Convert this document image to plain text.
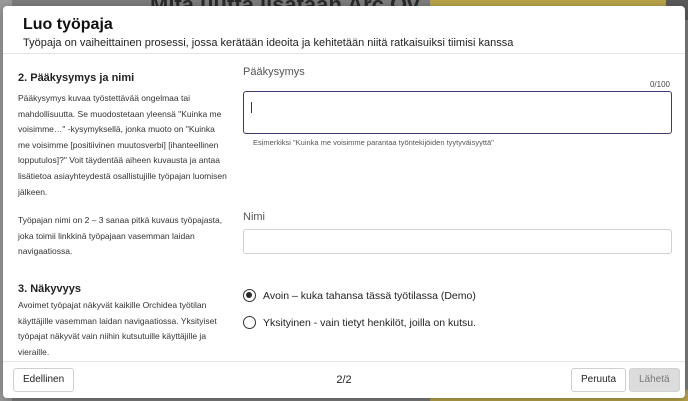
Luo työpaja
Työpaja on vaiheittainen prosessi, jossa kerätään ideoita ja kehitetään niitä ratkaisuiksi tiimisi kanssa
2. Pääkysymys ja nimi
Pääkysymys kuvaa työstettävää ongelmaa tai mahdollisuutta. Se muodostetaan yleensä "Kuinka me voisimme…" -kysymyksellä, jonka muoto on "Kuinka me voisimme [positiivinen muutosverbi] [ihanteellinen lopputulos]?" Voit täydentää aiheen kuvausta ja antaa lisätietoa asiayhteydestä osallistujille työpajan luomisen jälkeen.
Pääkysymys
0/100
Esimerkiksi "Kuinka me voisimme parantaa työntekijöiden tyytyväisyyttä"
Työpajan nimi on 2 – 3 sanaa pitkä kuvaus työpajasta, joka toimii linkkinä työpajaan vasemman laidan navigaatiossa.
Nimi
3. Näkyvyys
Avoimet työpajat näkyvät kaikille Orchidea työtilan käyttäjille vasemman laidan navigaatiossa. Yksityiset työpajat näkyvät vain niihin kutsutuille käyttäjille ja vieraille.
Avoin – kuka tahansa tässä työtilassa (Demo)
Yksityinen - vain tietyt henkilöt, joilla on kutsu.
Edellinen	2/2	Peruuta	Lähetä
